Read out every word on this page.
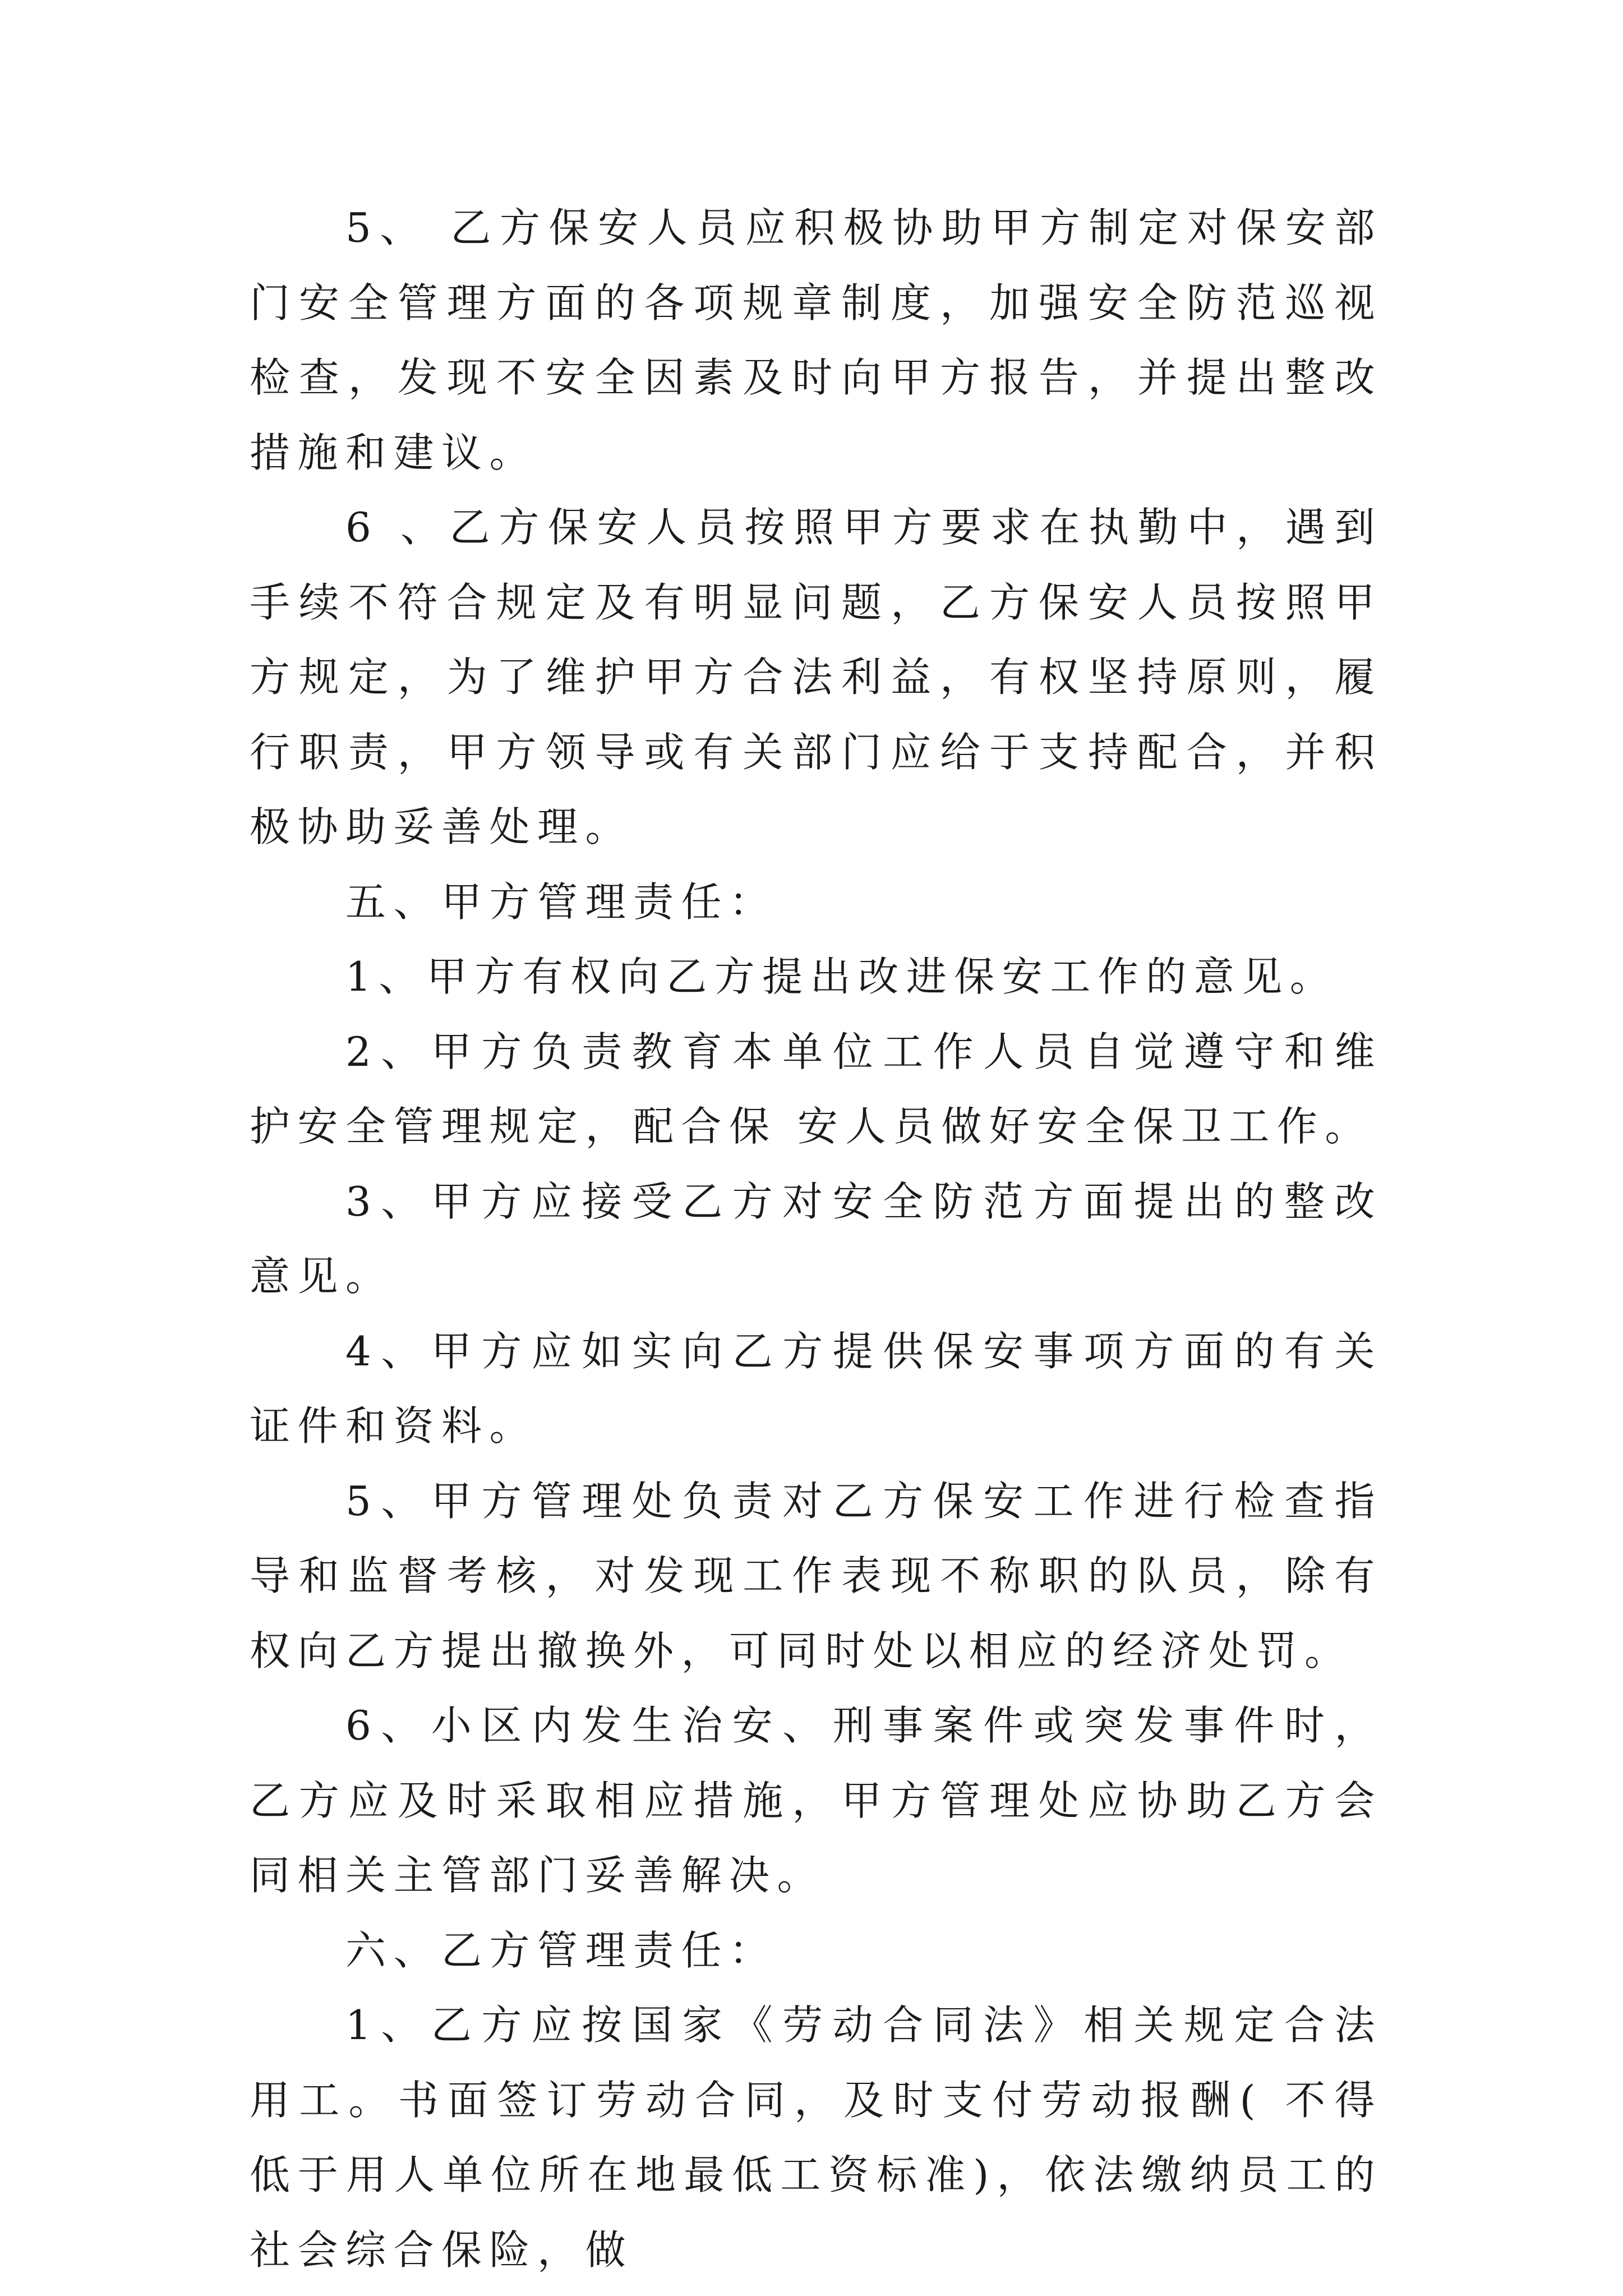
5、 乙方保安人员应积极协助甲方制定对保安部门安全管理方面的各项规章制度，加强安全防范巡视检查，发现不安全因素及时向甲方报告，并提出整改措施和建议。

6 、乙方保安人员按照甲方要求在执勤中，遇到手续不符合规定及有明显问题，乙方保安人员按照甲方规定，为了维护甲方合法利益，有权坚持原则，履行职责，甲方领导或有关部门应给于支持配合，并积极协助妥善处理。

五、甲方管理责任：

1、甲方有权向乙方提出改进保安工作的意见。

2、甲方负责教育本单位工作人员自觉遵守和维护安全管理规定，配合保 安人员做好安全保卫工作。

3、甲方应接受乙方对安全防范方面提出的整改意见。

4、甲方应如实向乙方提供保安事项方面的有关证件和资料。

5、甲方管理处负责对乙方保安工作进行检查指导和监督考核，对发现工作表现不称职的队员，除有权向乙方提出撤换外，可同时处以相应的经济处罚。

6、小区内发生治安、刑事案件或突发事件时，乙方应及时采取相应措施，甲方管理处应协助乙方会同相关主管部门妥善解决。

六、乙方管理责任：

1、乙方应按国家《劳动合同法》相关规定合法用工。书面签订劳动合同，及时支付劳动报酬( 不得低于用人单位所在地最低工资标准)，依法缴纳员工的社会综合保险，做
